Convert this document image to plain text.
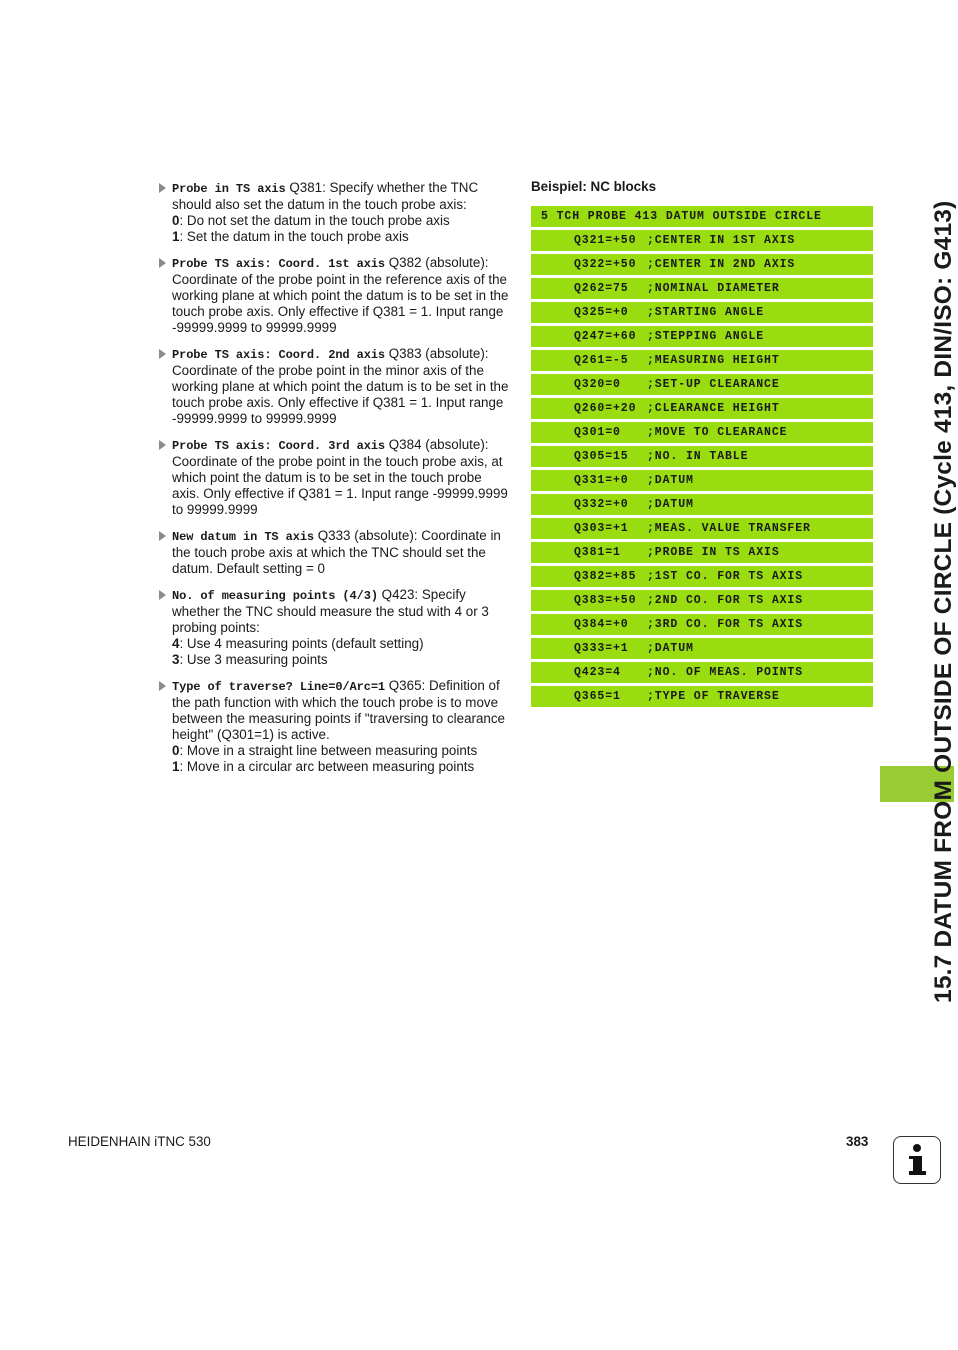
15.7 DATUM FROM OUTSIDE OF CIRCLE (Cycle 413, DIN/ISO: G413)
Probe in TS axis Q381: Specify whether the TNC should also set the datum in the touch probe axis:
0: Do not set the datum in the touch probe axis
1: Set the datum in the touch probe axis
Probe TS axis: Coord. 1st axis Q382 (absolute): Coordinate of the probe point in the reference axis of the working plane at which point the datum is to be set in the touch probe axis. Only effective if Q381 = 1. Input range -99999.9999 to 99999.9999
Probe TS axis: Coord. 2nd axis Q383 (absolute): Coordinate of the probe point in the minor axis of the working plane at which point the datum is to be set in the touch probe axis. Only effective if Q381 = 1. Input range -99999.9999 to 99999.9999
Probe TS axis: Coord. 3rd axis Q384 (absolute): Coordinate of the probe point in the touch probe axis, at which point the datum is to be set in the touch probe axis. Only effective if Q381 = 1. Input range -99999.9999 to 99999.9999
New datum in TS axis Q333 (absolute): Coordinate in the touch probe axis at which the TNC should set the datum. Default setting = 0
No. of measuring points (4/3) Q423: Specify whether the TNC should measure the stud with 4 or 3 probing points:
4: Use 4 measuring points (default setting)
3: Use 3 measuring points
Type of traverse? Line=0/Arc=1 Q365: Definition of the path function with which the touch probe is to move between the measuring points if "traversing to clearance height" (Q301=1) is active.
0: Move in a straight line between measuring points
1: Move in a circular arc between measuring points
Beispiel: NC blocks
5 TCH PROBE 413 DATUM OUTSIDE CIRCLE
Q321=+50 ;CENTER IN 1ST AXIS
Q322=+50 ;CENTER IN 2ND AXIS
Q262=75 ;NOMINAL DIAMETER
Q325=+0 ;STARTING ANGLE
Q247=+60 ;STEPPING ANGLE
Q261=-5 ;MEASURING HEIGHT
Q320=0 ;SET-UP CLEARANCE
Q260=+20 ;CLEARANCE HEIGHT
Q301=0 ;MOVE TO CLEARANCE
Q305=15 ;NO. IN TABLE
Q331=+0 ;DATUM
Q332=+0 ;DATUM
Q303=+1 ;MEAS. VALUE TRANSFER
Q381=1 ;PROBE IN TS AXIS
Q382=+85 ;1ST CO. FOR TS AXIS
Q383=+50 ;2ND CO. FOR TS AXIS
Q384=+0 ;3RD CO. FOR TS AXIS
Q333=+1 ;DATUM
Q423=4 ;NO. OF MEAS. POINTS
Q365=1 ;TYPE OF TRAVERSE
HEIDENHAIN iTNC 530	383
